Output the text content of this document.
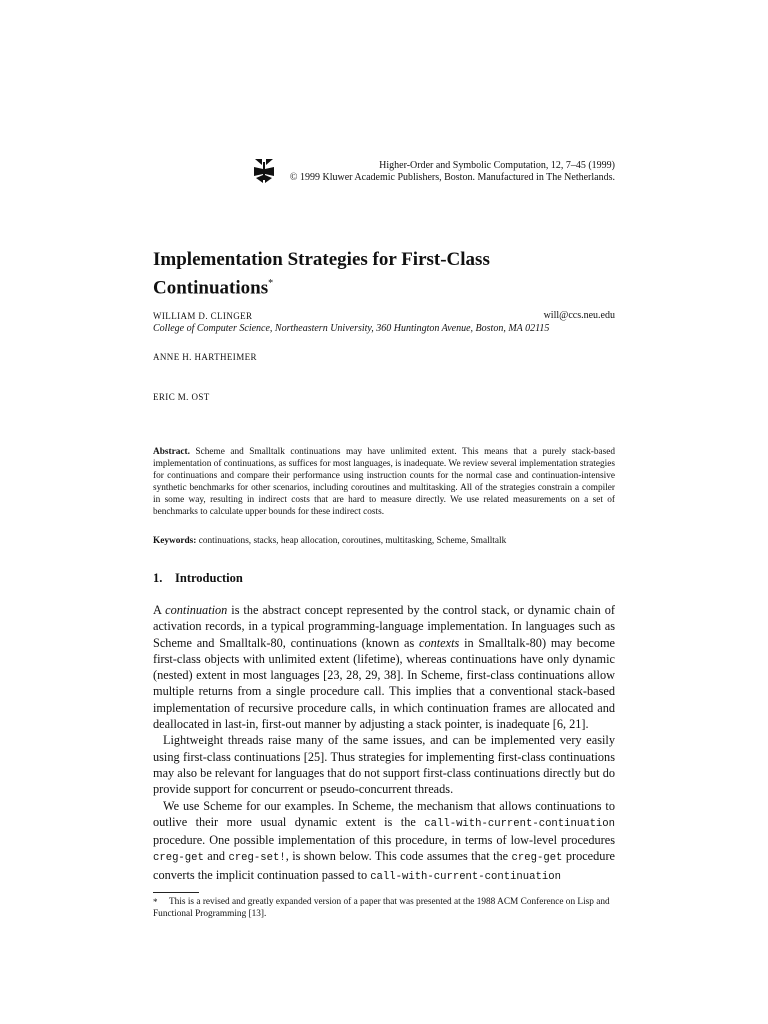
Higher-Order and Symbolic Computation, 12, 7–45 (1999)
© 1999 Kluwer Academic Publishers, Boston. Manufactured in The Netherlands.
Implementation Strategies for First-Class
Continuations*
WILLIAM D. CLINGER	will@ccs.neu.edu
College of Computer Science, Northeastern University, 360 Huntington Avenue, Boston, MA 02115
ANNE H. HARTHEIMER
ERIC M. OST
Abstract. Scheme and Smalltalk continuations may have unlimited extent. This means that a purely stack-based implementation of continuations, as suffices for most languages, is inadequate. We review several implementation strategies for continuations and compare their performance using instruction counts for the normal case and continuation-intensive synthetic benchmarks for other scenarios, including coroutines and multitasking. All of the strategies constrain a compiler in some way, resulting in indirect costs that are hard to measure directly. We use related measurements on a set of benchmarks to calculate upper bounds for these indirect costs.
Keywords: continuations, stacks, heap allocation, coroutines, multitasking, Scheme, Smalltalk
1. Introduction

A continuation is the abstract concept represented by the control stack, or dynamic chain of activation records, in a typical programming-language implementation. In languages such as Scheme and Smalltalk-80, continuations (known as contexts in Smalltalk-80) may become first-class objects with unlimited extent (lifetime), whereas continuations have only dynamic (nested) extent in most languages [23, 28, 29, 38]. In Scheme, first-class continuations allow multiple returns from a single procedure call. This implies that a conventional stack-based implementation of recursive procedure calls, in which continuation frames are allocated and deallocated in last-in, first-out manner by adjusting a stack pointer, is inadequate [6, 21].

Lightweight threads raise many of the same issues, and can be implemented very easily using first-class continuations [25]. Thus strategies for implementing first-class continuations may also be relevant for languages that do not support first-class continuations directly but do provide support for concurrent or pseudo-concurrent threads.

We use Scheme for our examples. In Scheme, the mechanism that allows continuations to outlive their more usual dynamic extent is the call-with-current-continuation procedure. One possible implementation of this procedure, in terms of low-level procedures creg-get and creg-set!, is shown below. This code assumes that the creg-get procedure converts the implicit continuation passed to call-with-current-continuation

* This is a revised and greatly expanded version of a paper that was presented at the 1988 ACM Conference on Lisp and Functional Programming [13].
